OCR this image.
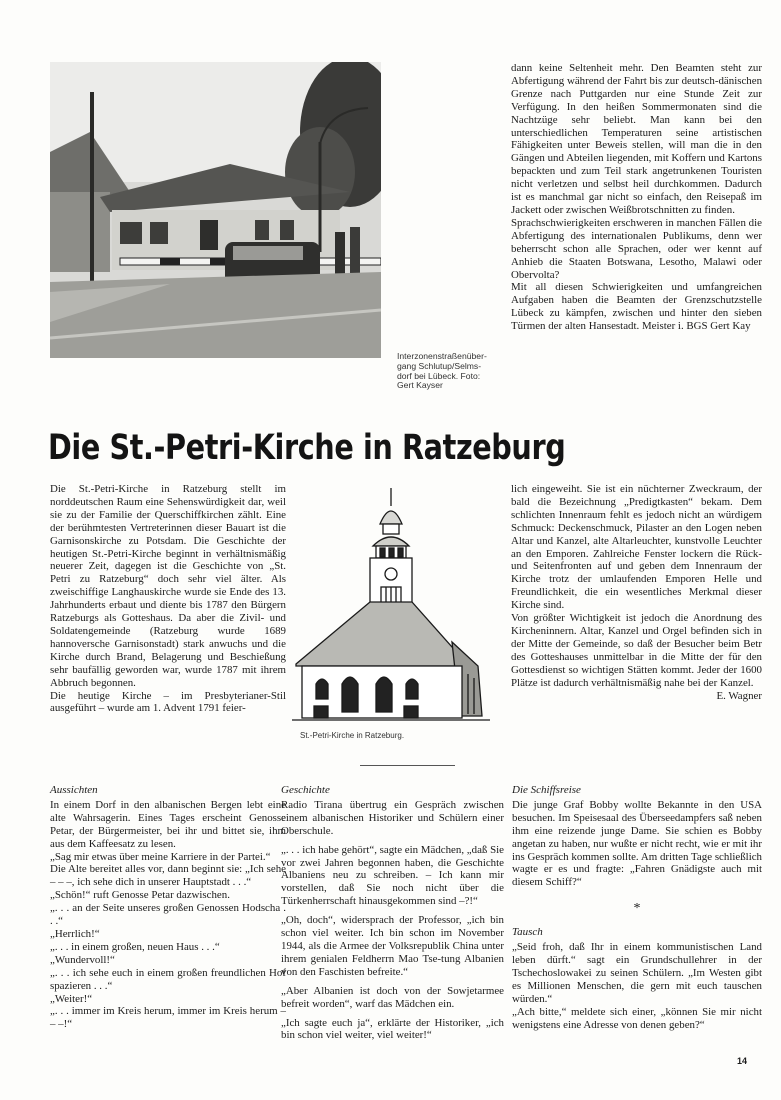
Interzonenstraßenüber-
gang Schlutup/Selms-
dorf bei Lübeck. Foto:
Gert Kayser

dann keine Seltenheit mehr. Den Beamten steht zur Abfertigung während der Fahrt bis zur deutsch-dänischen Grenze nach Puttgarden nur eine Stunde Zeit zur Verfügung. In den heißen Sommermonaten sind die Nachtzüge sehr beliebt. Man kann bei den unterschiedlichen Temperaturen seine artistischen Fähigkeiten unter Beweis stellen, will man die in den Gängen und Abteilen liegenden, mit Koffern und Kartons bepackten und zum Teil stark angetrunkenen Touristen nicht verletzen und selbst heil durchkommen. Dadurch ist es manchmal gar nicht so einfach, den Reisepaß im Jackett oder zwischen Weißbrotschnitten zu finden.

Sprachschwierigkeiten erschweren in manchen Fällen die Abfertigung des internationalen Publikums, denn wer beherrscht schon alle Sprachen, oder wer kennt auf Anhieb die Staaten Botswana, Lesotho, Malawi oder Obervolta?

Mit all diesen Schwierigkeiten und umfangreichen Aufgaben haben die Beamten der Grenzschutzstelle Lübeck zu kämpfen, zwischen und hinter den sieben Türmen der alten Hansestadt. Meister i. BGS Gert Kay

Die St.-Petri-Kirche in Ratzeburg

Die St.-Petri-Kirche in Ratzeburg stellt im norddeutschen Raum eine Sehenswürdigkeit dar, weil sie zu der Familie der Querschiffkirchen zählt. Eine der berühmtesten Vertreterinnen dieser Bauart ist die Garnisonskirche zu Potsdam. Die Geschichte der heutigen St.-Petri-Kirche beginnt in verhältnismäßig neuerer Zeit, dagegen ist die Geschichte von „St. Petri zu Ratzeburg“ doch sehr viel älter. Als zweischiffige Langhauskirche wurde sie Ende des 13. Jahrhunderts erbaut und diente bis 1787 den Bürgern Ratzeburgs als Gotteshaus. Da aber die Zivil- und Soldatengemeinde (Ratzeburg wurde 1689 hannoversche Garnisonstadt) stark anwuchs und die Kirche durch Brand, Belagerung und Beschießung sehr baufällig geworden war, wurde 1787 mit ihrem Abbruch begonnen.

Die heutige Kirche – im Presbyterianer-Stil ausgeführt – wurde am 1. Advent 1791 feier-

St.-Petri-Kirche in Ratzeburg.

lich eingeweiht. Sie ist ein nüchterner Zweckraum, der bald die Bezeichnung „Predigtkasten“ bekam. Dem schlichten Innenraum fehlt es jedoch nicht an würdigem Schmuck: Deckenschmuck, Pilaster an den Logen neben Altar und Kanzel, alte Altarleuchter, kunstvolle Leuchter an den Emporen. Zahlreiche Fenster lockern die Rück- und Seitenfronten auf und geben dem Innenraum der Kirche trotz der umlaufenden Emporen Helle und Freundlichkeit, die ein wesentliches Merkmal dieser Kirche sind.

Von größter Wichtigkeit ist jedoch die Anordnung des Kircheninnern. Altar, Kanzel und Orgel befinden sich in der Mitte der Gemeinde, so daß der Besucher beim Betr des Gotteshauses unmittelbar in die Mitte der für den Gottesdienst so wichtigen Stätten kommt. Jeder der 1600 Plätze ist dadurch verhältnismäßig nahe bei der Kanzel.

E. Wagner

Aussichten

In einem Dorf in den albanischen Bergen lebt eine alte Wahrsagerin. Eines Tages erscheint Genosse Petar, der Bürgermeister, bei ihr und bittet sie, ihm aus dem Kaffeesatz zu lesen.

„Sag mir etwas über meine Karriere in der Partei.“

Die Alte bereitet alles vor, dann beginnt sie: „Ich sehe – – –, ich sehe dich in unserer Hauptstadt . . .“

„Schön!“ ruft Genosse Petar dazwischen.

„. . . an der Seite unseres großen Genossen Hodscha . . .“

„Herrlich!“

„. . . in einem großen, neuen Haus . . .“

„Wundervoll!“

„. . . ich sehe euch in einem großen freundlichen Hof spazieren . . .“

„Weiter!“

„. . . immer im Kreis herum, immer im Kreis herum – – –!“

Geschichte

Radio Tirana übertrug ein Gespräch zwischen einem albanischen Historiker und Schülern einer Oberschule.

„. . . ich habe gehört“, sagte ein Mädchen, „daß Sie vor zwei Jahren begonnen haben, die Geschichte Albaniens neu zu schreiben. – Ich kann mir vorstellen, daß Sie noch nicht über die Türkenherrschaft hinausgekommen sind –?!“

„Oh, doch“, widersprach der Professor, „ich bin schon viel weiter. Ich bin schon im November 1944, als die Armee der Volksrepublik China unter ihrem genialen Feldherrn Mao Tse-tung Albanien von den Faschisten befreite.“

„Aber Albanien ist doch von der Sowjetarmee befreit worden“, warf das Mädchen ein.

„Ich sagte euch ja“, erklärte der Historiker, „ich bin schon viel weiter, viel weiter!“

Die Schiffsreise

Die junge Graf Bobby wollte Bekannte in den USA besuchen. Im Speisesaal des Überseedampfers saß neben ihm eine reizende junge Dame. Sie schien es Bobby angetan zu haben, nur wußte er nicht recht, wie er mit ihr ins Gespräch kommen sollte. Am dritten Tage schließlich wagte er es und fragte: „Fahren Gnädigste auch mit diesem Schiff?“

*

Tausch

„Seid froh, daß Ihr in einem kommunistischen Land leben dürft.“ sagt ein Grundschullehrer in der Tschechoslowakei zu seinen Schülern. „Im Westen gibt es Millionen Menschen, die gern mit euch tauschen würden.“

„Ach bitte,“ meldete sich einer, „können Sie mir nicht wenigstens eine Adresse von denen geben?“

14
